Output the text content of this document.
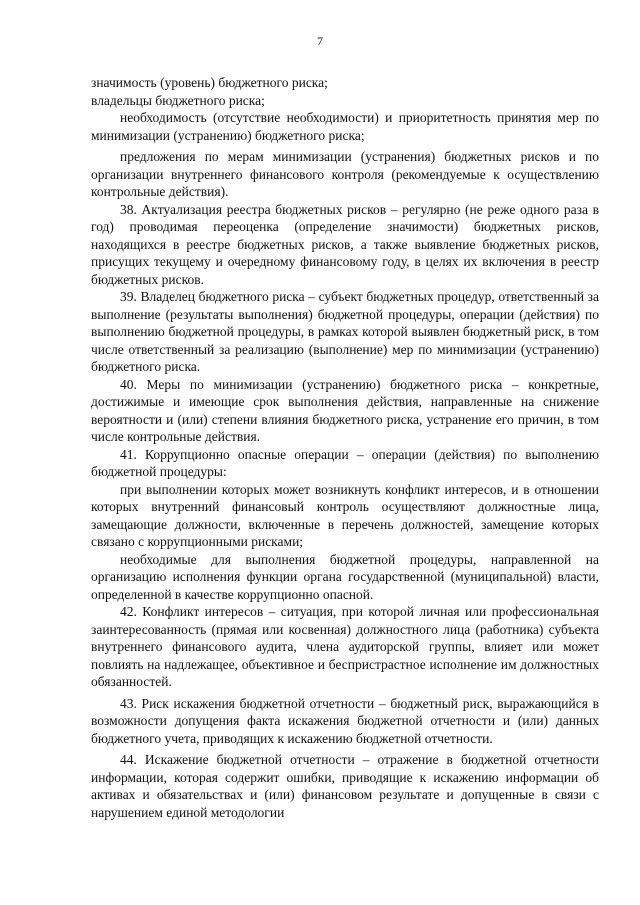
7

значимость (уровень) бюджетного риска;

владельцы бюджетного риска;

необходимость (отсутствие необходимости) и приоритетность принятия мер по минимизации (устранению) бюджетного риска;

предложения по мерам минимизации (устранения) бюджетных рисков и по организации внутреннего финансового контроля (рекомендуемые к осуществлению контрольные действия).

38. Актуализация реестра бюджетных рисков – регулярно (не реже одного раза в год) проводимая переоценка (определение значимости) бюджетных рисков, находящихся в реестре бюджетных рисков, а также выявление бюджетных рисков, присущих текущему и очередному финансовому году, в целях их включения в реестр бюджетных рисков.

39. Владелец бюджетного риска – субъект бюджетных процедур, ответственный за выполнение (результаты выполнения) бюджетной процедуры, операции (действия) по выполнению бюджетной процедуры, в рамках которой выявлен бюджетный риск, в том числе ответственный за реализацию (выполнение) мер по минимизации (устранению) бюджетного риска.

40. Меры по минимизации (устранению) бюджетного риска – конкретные, достижимые и имеющие срок выполнения действия, направленные на снижение вероятности и (или) степени влияния бюджетного риска, устранение его причин, в том числе контрольные действия.

41. Коррупционно опасные операции – операции (действия) по выполнению бюджетной процедуры:

при выполнении которых может возникнуть конфликт интересов, и в отношении которых внутренний финансовый контроль осуществляют должностные лица, замещающие должности, включенные в перечень должностей, замещение которых связано с коррупционными рисками;

необходимые для выполнения бюджетной процедуры, направленной на организацию исполнения функции органа государственной (муниципальной) власти, определенной в качестве коррупционно опасной.

42. Конфликт интересов – ситуация, при которой личная или профессиональная заинтересованность (прямая или косвенная) должностного лица (работника) субъекта внутреннего финансового аудита, члена аудиторской группы, влияет или может повлиять на надлежащее, объективное и беспристрастное исполнение им должностных обязанностей.

43. Риск искажения бюджетной отчетности – бюджетный риск, выражающийся в возможности допущения факта искажения бюджетной отчетности и (или) данных бюджетного учета, приводящих к искажению бюджетной отчетности.

44. Искажение бюджетной отчетности – отражение в бюджетной отчетности информации, которая содержит ошибки, приводящие к искажению информации об активах и обязательствах и (или) финансовом результате и допущенные в связи с нарушением единой методологии
